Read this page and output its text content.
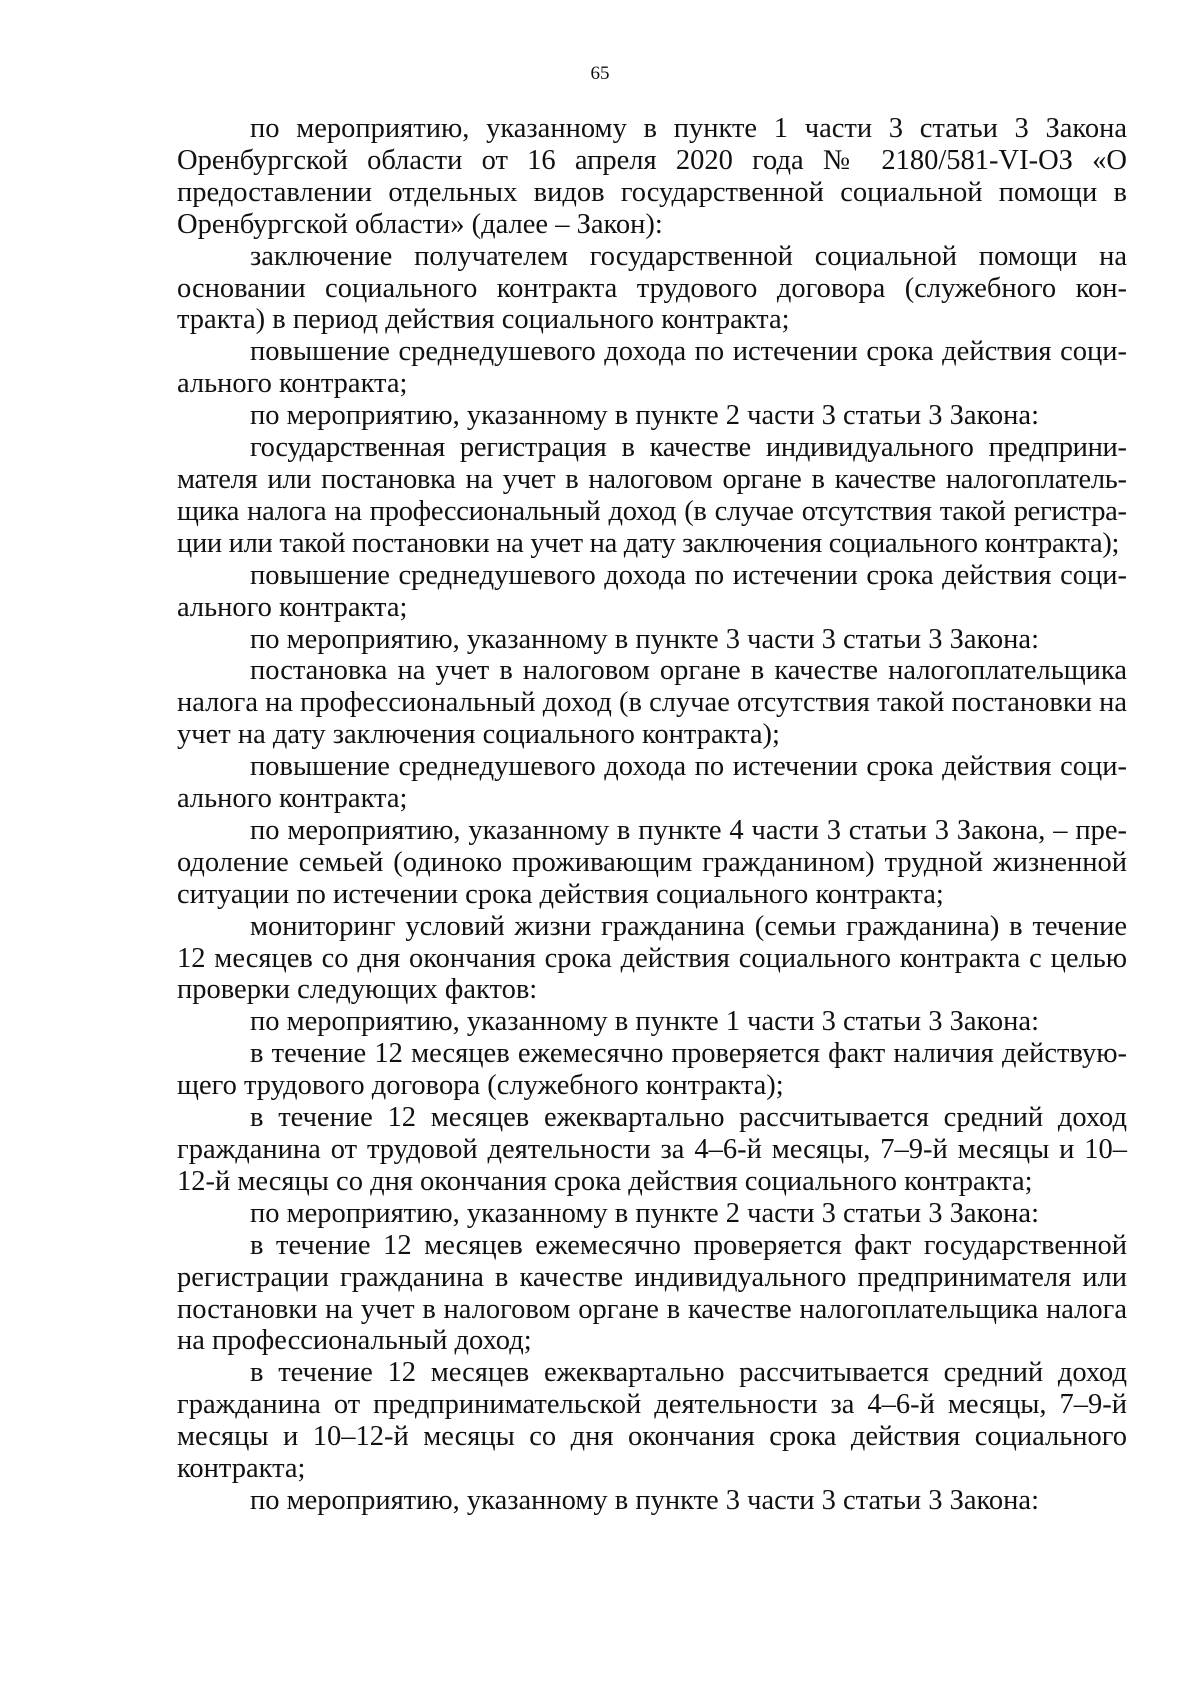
65

по мероприятию, указанному в пункте 1 части 3 статьи 3 Закона Оренбургской области от 16 апреля 2020 года № 2180/581-VI-ОЗ «О предоставлении отдельных видов государственной социальной помощи в Оренбургской области» (далее – Закон):

заключение получателем государственной социальной помощи на основании социального контракта трудового договора (служебного контракта) в период действия социального контракта;

повышение среднедушевого дохода по истечении срока действия социального контракта;

по мероприятию, указанному в пункте 2 части 3 статьи 3 Закона:

государственная регистрация в качестве индивидуального предпринимателя или постановка на учет в налоговом органе в качестве налогоплательщика налога на профессиональный доход (в случае отсутствия такой регистрации или такой постановки на учет на дату заключения социального контракта);

повышение среднедушевого дохода по истечении срока действия социального контракта;

по мероприятию, указанному в пункте 3 части 3 статьи 3 Закона:

постановка на учет в налоговом органе в качестве налогоплательщика налога на профессиональный доход (в случае отсутствия такой постановки на учет на дату заключения социального контракта);

повышение среднедушевого дохода по истечении срока действия социального контракта;

по мероприятию, указанному в пункте 4 части 3 статьи 3 Закона, – преодоление семьей (одиноко проживающим гражданином) трудной жизненной ситуации по истечении срока действия социального контракта;

мониторинг условий жизни гражданина (семьи гражданина) в течение 12 месяцев со дня окончания срока действия социального контракта с целью проверки следующих фактов:

по мероприятию, указанному в пункте 1 части 3 статьи 3 Закона:

в течение 12 месяцев ежемесячно проверяется факт наличия действующего трудового договора (служебного контракта);

в течение 12 месяцев ежеквартально рассчитывается средний доход гражданина от трудовой деятельности за 4–6-й месяцы, 7–9-й месяцы и 10–12-й месяцы со дня окончания срока действия социального контракта;

по мероприятию, указанному в пункте 2 части 3 статьи 3 Закона:

в течение 12 месяцев ежемесячно проверяется факт государственной регистрации гражданина в качестве индивидуального предпринимателя или постановки на учет в налоговом органе в качестве налогоплательщика налога на профессиональный доход;

в течение 12 месяцев ежеквартально рассчитывается средний доход гражданина от предпринимательской деятельности за 4–6-й месяцы, 7–9-й месяцы и 10–12-й месяцы со дня окончания срока действия социального контракта;

по мероприятию, указанному в пункте 3 части 3 статьи 3 Закона:
